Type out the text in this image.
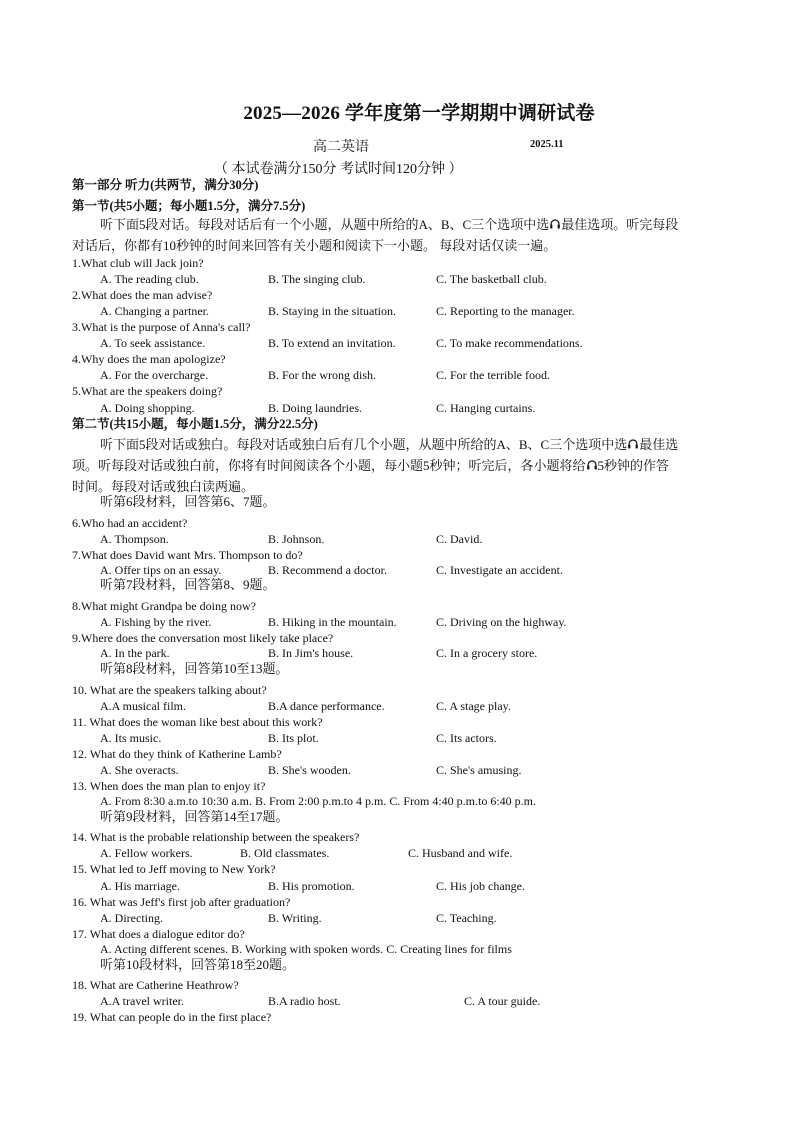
2025—2026 学年度第一学期期中调研试卷
高二英语	2025.11
（ 本试卷满分150分 考试时间120分钟 ）
第一部分 听力(共两节，满分30分)
第一节(共5小题；每小题1.5分，满分7.5分)
听下面5段对话。每段对话后有一个小题，从题中所给的A、B、C三个选项中选 最佳选项。听完每段
对话后，你都有10秒钟的时间来回答有关小题和阅读下一小题。 每段对话仅读一遍。
1.What club will Jack join?
A. The reading club.	B. The singing club.	C. The basketball club.
2.What does the man advise?
A. Changing a partner.	B. Staying in the situation.	C. Reporting to the manager.
3.What is the purpose of Anna's call?
A. To seek assistance.	B. To extend an invitation.	C. To make recommendations.
4.Why does the man apologize?
A. For the overcharge.	B. For the wrong dish.	C. For the terrible food.
5.What are the speakers doing?
A. Doing shopping.	B. Doing laundries.	C. Hanging curtains.
第二节(共15小题，每小题1.5分，满分22.5分)
听下面5段对话或独白。每段对话或独白后有几个小题，从题中所给的A、B、C三个选项中选 最佳选
项。听每段对话或独白前，你将有时间阅读各个小题，每小题5秒钟；听完后，各小题将给 5秒钟的作答
时间。每段对话或独白读两遍。
听第6段材料，回答第6、7题。
6.Who had an accident?
A. Thompson.	B. Johnson.	C. David.
7.What does David want Mrs. Thompson to do?
A. Offer tips on an essay.	B. Recommend a doctor.	C. Investigate an accident.
听第7段材料，回答第8、9题。
8.What might Grandpa be doing now?
A. Fishing by the river.	B. Hiking in the mountain.	C. Driving on the highway.
9.Where does the conversation most likely take place?
A. In the park.	B. In Jim's house.	C. In a grocery store.
听第8段材料，回答第10至13题。
10. What are the speakers talking about?
A.A musical film.	B.A dance performance.	C. A stage play.
11. What does the woman like best about this work?
A. Its music.	B. Its plot.	C. Its actors.
12. What do they think of Katherine Lamb?
A. She overacts.	B. She's wooden.	C. She's amusing.
13. When does the man plan to enjoy it?
A. From 8:30 a.m.to 10:30 a.m. B. From 2:00 p.m.to 4 p.m. C. From 4:40 p.m.to 6:40 p.m.
听第9段材料，回答第14至17题。
14. What is the probable relationship between the speakers?
A. Fellow workers.	B. Old classmates.	C. Husband and wife.
15. What led to Jeff moving to New York?
A. His marriage.	B. His promotion.	C. His job change.
16. What was Jeff's first job after graduation?
A. Directing.	B. Writing.	C. Teaching.
17. What does a dialogue editor do?
A. Acting different scenes. B. Working with spoken words. C. Creating lines for films
听第10段材料，回答第18至20题。
18. What are Catherine Heathrow?
A.A travel writer.	B.A radio host.	C. A tour guide.
19. What can people do in the first place?
